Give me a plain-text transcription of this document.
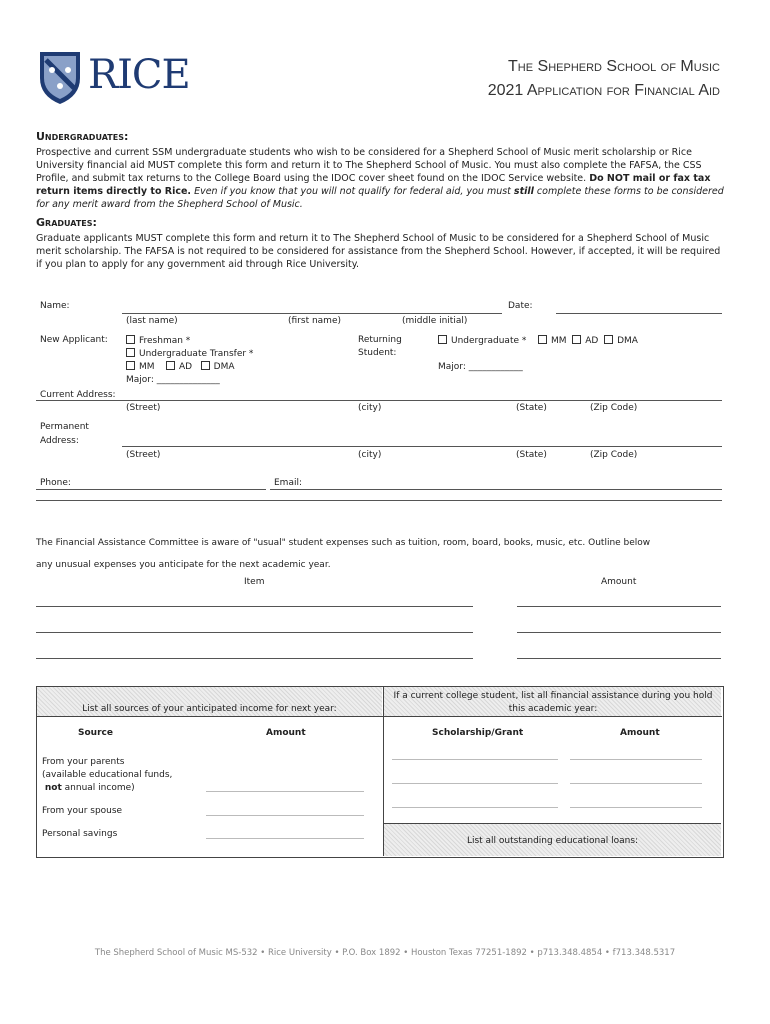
RICE	The Shepherd School of Music
2021 Application for Financial Aid
Undergraduates:
Prospective and current SSM undergraduate students who wish to be considered for a Shepherd School of Music merit scholarship or Rice University financial aid MUST complete this form and return it to The Shepherd School of Music. You must also complete the FAFSA, the CSS Profile, and submit tax returns to the College Board using the IDOC cover sheet found on the IDOC Service website. Do NOT mail or fax tax return items directly to Rice. Even if you know that you will not qualify for federal aid, you must still complete these forms to be considered for any merit award from the Shepherd School of Music.
Graduates:
Graduate applicants MUST complete this form and return it to The Shepherd School of Music to be considered for a Shepherd School of Music merit scholarship. The FAFSA is not required to be considered for assistance from the Shepherd School. However, if accepted, it will be required if you plan to apply for any government aid through Rice University.
Name:	Date:
(last name)	(first name)	(middle initial)
New Applicant:	Freshman *
Undergraduate Transfer *
MM	AD DMA
Major: ______________
Returning
Student:
Undergraduate *	MM AD DMA
Major: ____________
Current Address:
(Street)	(city)	(State)	(Zip Code)
Permanent
Address:
(Street)	(city)	(State)	(Zip Code)
Phone:	Email:
The Financial Assistance Committee is aware of "usual" student expenses such as tuition, room, board, books, music, etc. Outline below
any unusual expenses you anticipate for the next academic year.
Item	Amount
List all sources of your anticipated income for next year:
If a current college student, list all financial assistance during you hold this academic year:
Source	Amount	Scholarship/Grant	Amount
From your parents
(available educational funds,
not annual income)
From your spouse
Personal savings
List all outstanding educational loans:
The Shepherd School of Music MS-532 • Rice University • P.O. Box 1892 • Houston Texas 77251-1892 • p713.348.4854 • f713.348.5317
